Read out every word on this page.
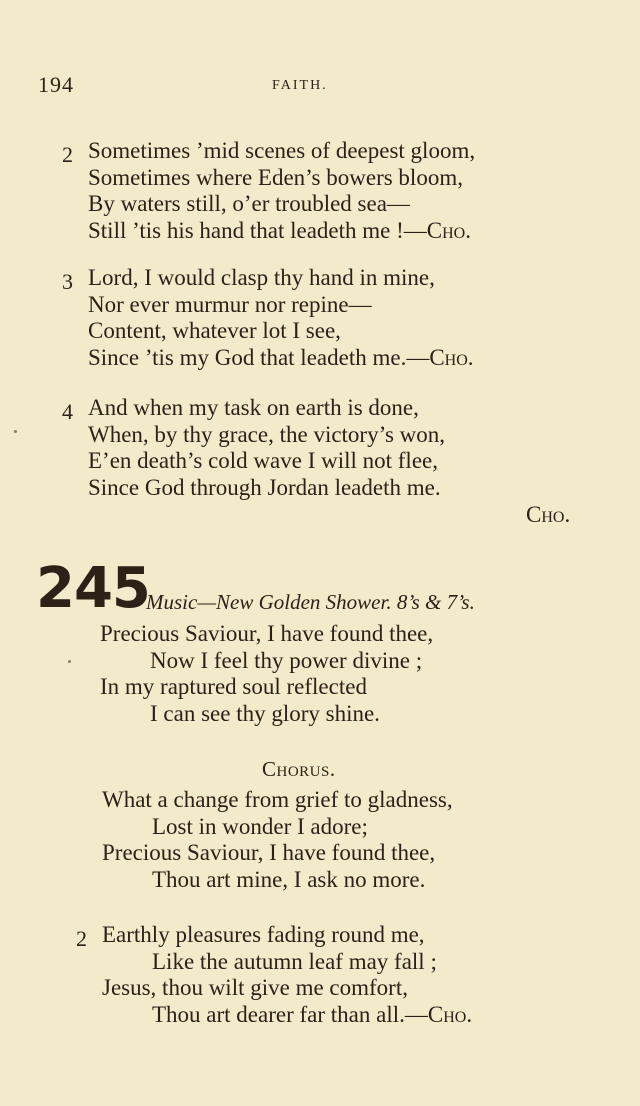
194	FAITH.
2 Sometimes ’mid scenes of deepest gloom,
Sometimes where Eden’s bowers bloom,
By waters still, o’er troubled sea—
Still ’tis his hand that leadeth me !—Cho.
3 Lord, I would clasp thy hand in mine,
Nor ever murmur nor repine—
Content, whatever lot I see,
Since ’tis my God that leadeth me.—Cho.
4 And when my task on earth is done,
When, by thy grace, the victory’s won,
E’en death’s cold wave I will not flee,
Since God through Jordan leadeth me.
Cho.
245
Music—New Golden Shower. 8’s & 7’s.
Precious Saviour, I have found thee,
Now I feel thy power divine ;
In my raptured soul reflected
I can see thy glory shine.
Chorus.
What a change from grief to gladness,
Lost in wonder I adore;
Precious Saviour, I have found thee,
Thou art mine, I ask no more.
2 Earthly pleasures fading round me,
Like the autumn leaf may fall ;
Jesus, thou wilt give me comfort,
Thou art dearer far than all.—Cho.
